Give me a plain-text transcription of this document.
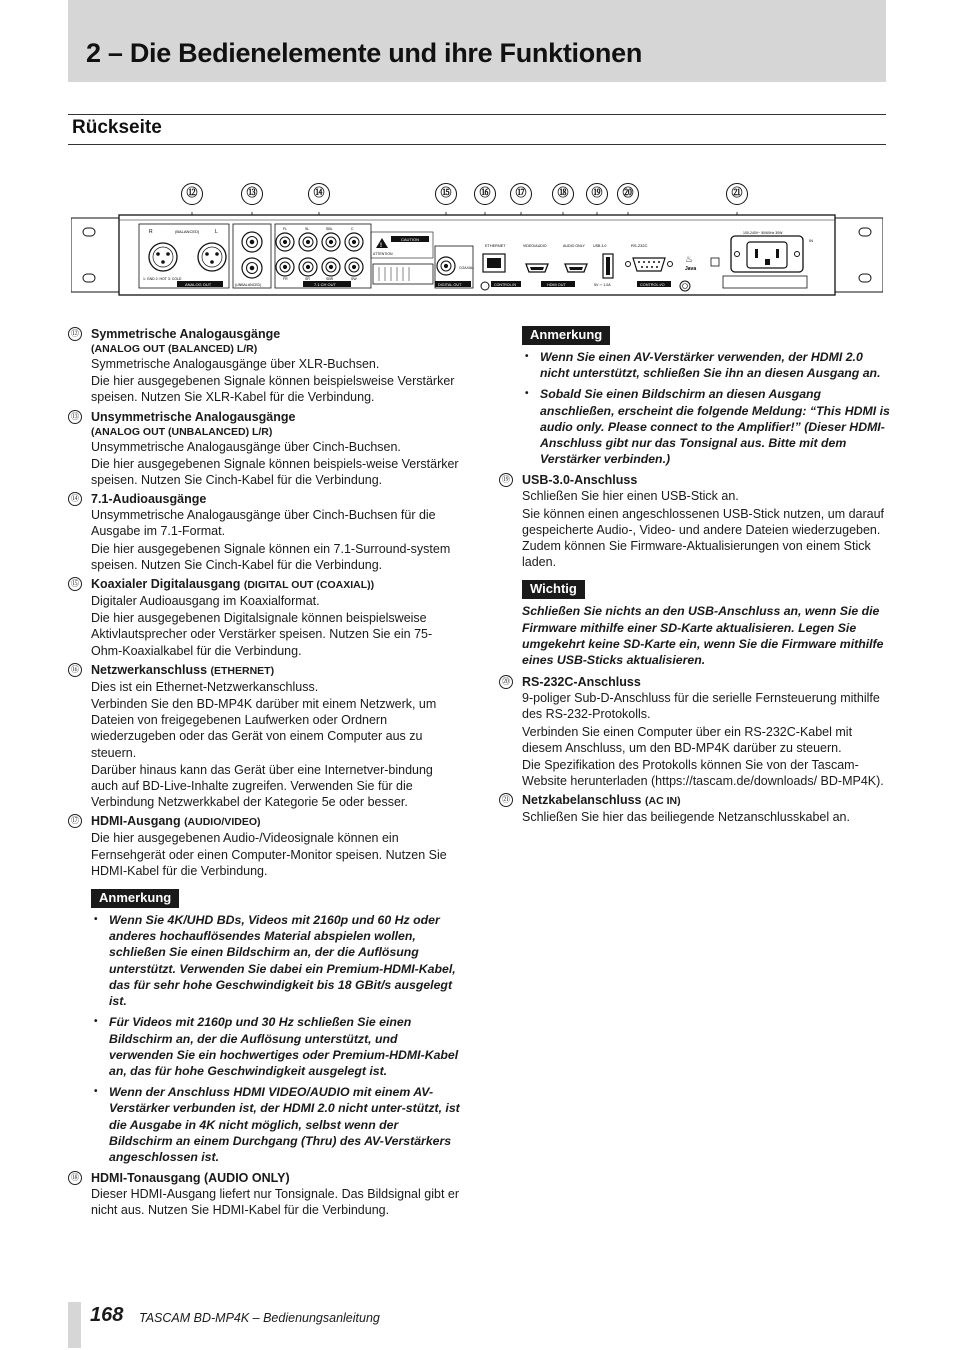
2 – Die Bedienelemente und ihre Funktionen
Rückseite
⑫	⑬	⑭	⑮	⑯	⑰	⑱	⑲	⑳	㉑
R	(BALANCED)	L
1: GND 2: HOT 3: COLD
ANALOG OUT	(UNBALANCED)
FL	SL	SBL	C
FR	SR	SBR	SW
7.1 CH OUT
!
CAUTION
ATTENTION
COAXIAL
DIGITAL OUT
ETHERNET
CONTROL IN
VIDEO/AUDIO	AUDIO ONLY
HDMI OUT
USB 3.0
5V ⎓ 1.0A
RS-232C
CONTROL I/O
♨
Java
100-240V~ 50/60Hz 30W
IN
⑫ Symmetrische Analogausgänge
(ANALOG OUT (BALANCED) L/R)

Symmetrische Analogausgänge über XLR-Buchsen.

Die hier ausgegebenen Signale können beispielsweise Verstärker speisen. Nutzen Sie XLR-Kabel für die Verbindung.

⑬ Unsymmetrische Analogausgänge
(ANALOG OUT (UNBALANCED) L/R)

Unsymmetrische Analogausgänge über Cinch-Buchsen.

Die hier ausgegebenen Signale können beispiels-weise Verstärker speisen. Nutzen Sie Cinch-Kabel für die Verbindung.

⑭ 7.1-Audioausgänge

Unsymmetrische Analogausgänge über Cinch-Buchsen für die Ausgabe im 7.1-Format.

Die hier ausgegebenen Signale können ein 7.1-Surround-system speisen. Nutzen Sie Cinch-Kabel für die Verbindung.

⑮ Koaxialer Digitalausgang (DIGITAL OUT (COAXIAL))

Digitaler Audioausgang im Koaxialformat.

Die hier ausgegebenen Digitalsignale können beispielsweise Aktivlautsprecher oder Verstärker speisen. Nutzen Sie ein 75-Ohm-Koaxialkabel für die Verbindung.

⑯ Netzwerkanschluss (ETHERNET)

Dies ist ein Ethernet-Netzwerkanschluss.

Verbinden Sie den BD-MP4K darüber mit einem Netzwerk, um Dateien von freigegebenen Laufwerken oder Ordnern wiederzugeben oder das Gerät von einem Computer aus zu steuern.

Darüber hinaus kann das Gerät über eine Internetver-bindung auch auf BD-Live-Inhalte zugreifen. Verwenden Sie für die Verbindung Netzwerkkabel der Kategorie 5e oder besser.

⑰ HDMI-Ausgang (AUDIO/VIDEO)

Die hier ausgegebenen Audio-/Videosignale können ein Fernsehgerät oder einen Computer-Monitor speisen. Nutzen Sie HDMI-Kabel für die Verbindung.

Anmerkung
• Wenn Sie 4K/UHD BDs, Videos mit 2160p und 60 Hz oder anderes hochauflösendes Material abspielen wollen, schließen Sie einen Bildschirm an, der die Auflösung unterstützt. Verwenden Sie dabei ein Premium-HDMI-Kabel, das für sehr hohe Geschwindigkeit bis 18 GBit/s ausgelegt ist.
• Für Videos mit 2160p und 30 Hz schließen Sie einen Bildschirm an, der die Auflösung unterstützt, und verwenden Sie ein hochwertiges oder Premium-HDMI-Kabel an, das für hohe Geschwindigkeit ausgelegt ist.
• Wenn der Anschluss HDMI VIDEO/AUDIO mit einem AV-Verstärker verbunden ist, der HDMI 2.0 nicht unter-stützt, ist die Ausgabe in 4K nicht möglich, selbst wenn der Bildschirm an einem Durchgang (Thru) des AV-Verstärkers angeschlossen ist.
⑱ HDMI-Tonausgang (AUDIO ONLY)

Dieser HDMI-Ausgang liefert nur Tonsignale. Das Bildsignal gibt er nicht aus. Nutzen Sie HDMI-Kabel für die Verbindung.

Anmerkung
• Wenn Sie einen AV-Verstärker verwenden, der HDMI 2.0 nicht unterstützt, schließen Sie ihn an diesen Ausgang an.
• Sobald Sie einen Bildschirm an diesen Ausgang anschließen, erscheint die folgende Meldung: “This HDMI is audio only. Please connect to the Amplifier!” (Dieser HDMI-Anschluss gibt nur das Tonsignal aus. Bitte mit dem Verstärker verbinden.)
⑲ USB-3.0-Anschluss

Schließen Sie hier einen USB-Stick an.

Sie können einen angeschlossenen USB-Stick nutzen, um darauf gespeicherte Audio-, Video- und andere Dateien wiederzugeben. Zudem können Sie Firmware-Aktualisierungen von einem Stick laden.

Wichtig
Schließen Sie nichts an den USB-Anschluss an, wenn Sie die Firmware mithilfe einer SD-Karte aktualisieren. Legen Sie umgekehrt keine SD-Karte ein, wenn Sie die Firmware mithilfe eines USB-Sticks aktualisieren.
⑳ RS-232C-Anschluss

9-poliger Sub-D-Anschluss für die serielle Fernsteuerung mithilfe des RS-232-Protokolls.

Verbinden Sie einen Computer über ein RS-232C-Kabel mit diesem Anschluss, um den BD-MP4K darüber zu steuern.

Die Spezifikation des Protokolls können Sie von der Tascam-Website herunterladen (https://tascam.de/downloads/ BD-MP4K).

㉑ Netzkabelanschluss (AC IN)

Schließen Sie hier das beiliegende Netzanschlusskabel an.

168 TASCAM BD-MP4K – Bedienungsanleitung
